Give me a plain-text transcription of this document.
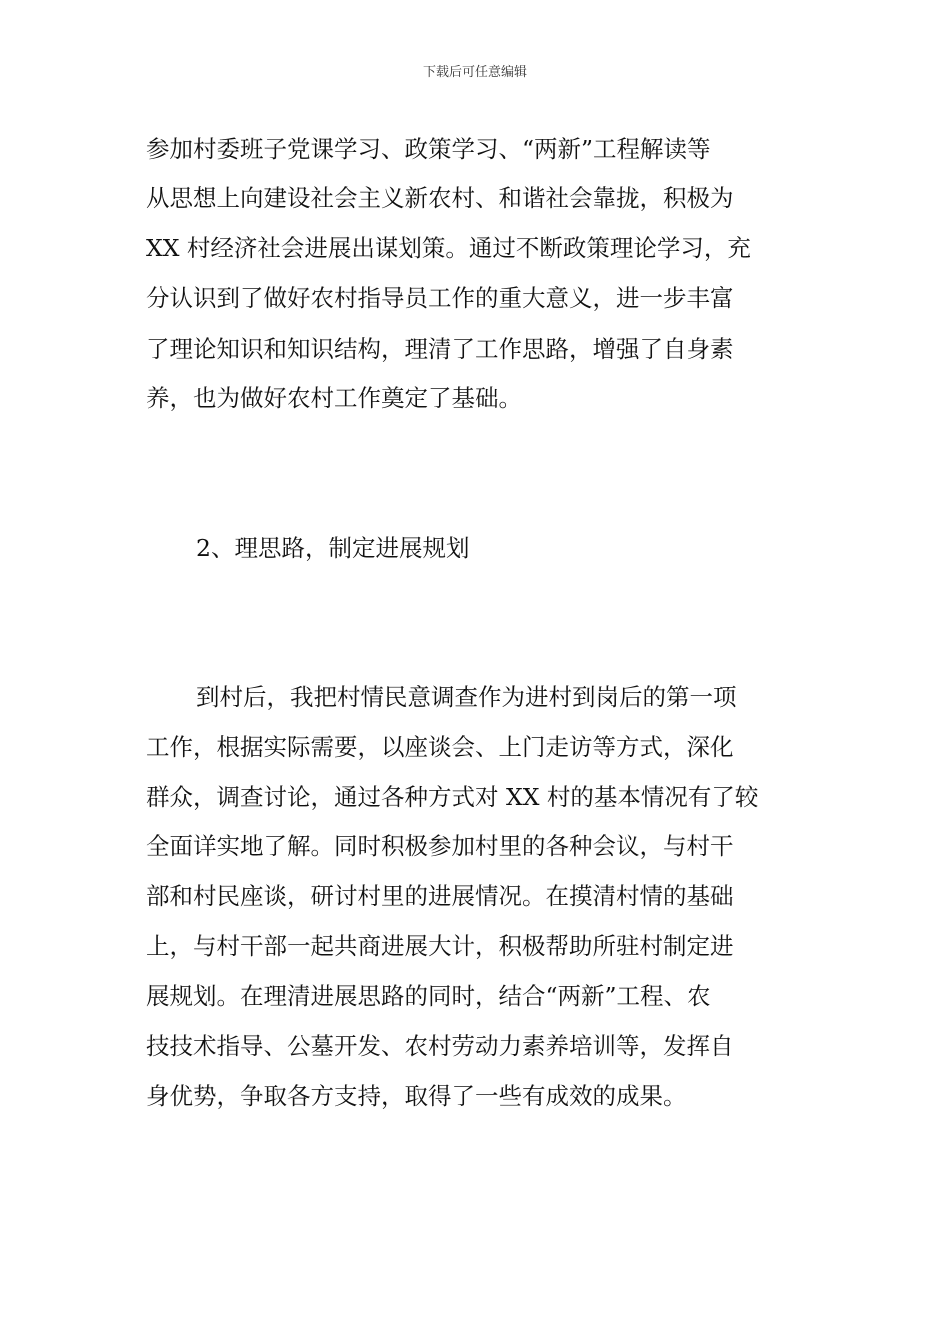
下载后可任意编辑
参加村委班子党课学习、政策学习、“两新”工程解读等
从思想上向建设社会主义新农村、和谐社会靠拢，积极为
XX 村经济社会进展出谋划策。通过不断政策理论学习，充
分认识到了做好农村指导员工作的重大意义，进一步丰富
了理论知识和知识结构，理清了工作思路，增强了自身素
养，也为做好农村工作奠定了基础。
2、理思路，制定进展规划
到村后，我把村情民意调查作为进村到岗后的第一项
工作，根据实际需要，以座谈会、上门走访等方式，深化
群众，调查讨论，通过各种方式对 XX 村的基本情况有了较
全面详实地了解。同时积极参加村里的各种会议，与村干
部和村民座谈，研讨村里的进展情况。在摸清村情的基础
上，与村干部一起共商进展大计，积极帮助所驻村制定进
展规划。在理清进展思路的同时，结合“两新”工程、农
技技术指导、公墓开发、农村劳动力素养培训等，发挥自
身优势，争取各方支持，取得了一些有成效的成果。
